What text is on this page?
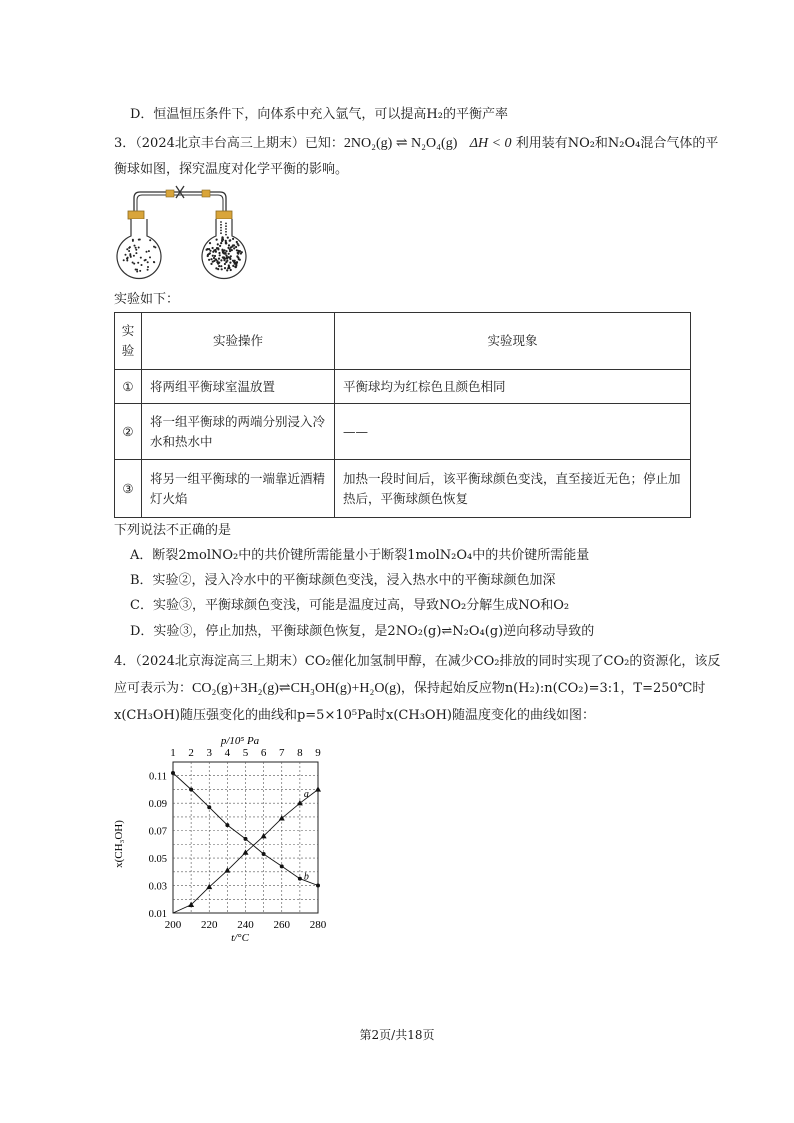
D．恒温恒压条件下，向体系中充入氩气，可以提高H₂的平衡产率
3．（2024北京丰台高三上期末）已知：2NO₂(g) ⇌ N₂O₄(g) ΔH < 0 利用装有NO₂和N₂O₄混合气体的平
衡球如图，探究温度对化学平衡的影响。
实验如下：
实验	实验操作	实验现象
①	将两组平衡球室温放置	平衡球均为红棕色且颜色相同
②	将一组平衡球的两端分别浸入冷水和热水中	——
③	将另一组平衡球的一端靠近酒精灯火焰	加热一段时间后，该平衡球颜色变浅，直至接近无色；停止加热后，平衡球颜色恢复
下列说法不正确的是
A．断裂2molNO₂中的共价键所需能量小于断裂1molN₂O₄中的共价键所需能量
B．实验②，浸入冷水中的平衡球颜色变浅，浸入热水中的平衡球颜色加深
C．实验③，平衡球颜色变浅，可能是温度过高，导致NO₂分解生成NO和O₂
D．实验③，停止加热，平衡球颜色恢复，是2NO₂(g)⇌N₂O₄(g)逆向移动导致的
4．（2024北京海淀高三上期末）CO₂催化加氢制甲醇，在减少CO₂排放的同时实现了CO₂的资源化，该反
应可表示为：CO₂(g)+3H₂(g)⇌CH₃OH(g)+H₂O(g)，保持起始反应物n(H₂):n(CO₂)=3:1，T=250℃时
x(CH₃OH)随压强变化的曲线和p=5×10⁵Pa时x(CH₃OH)随温度变化的曲线如图：
p/10⁵ Pa
t/°C
x(CH₃OH)
200 220 240 260 280
1 2 3 4 5 6 7 8 9
0.11
0.09
0.07
0.05
0.03
0.01
a
b
第2页/共18页
